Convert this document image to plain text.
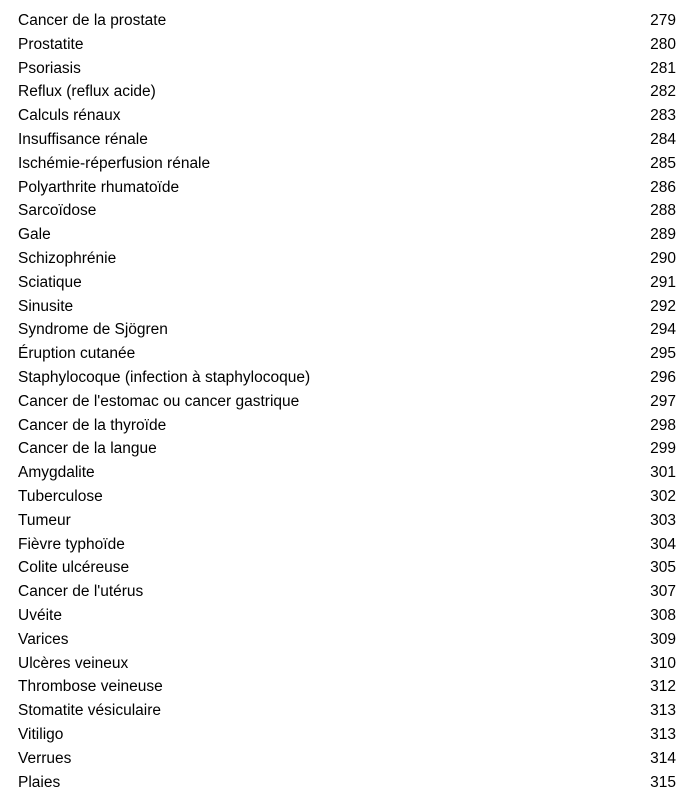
Cancer de la prostate	279
Prostatite	280
Psoriasis	281
Reflux (reflux acide)	282
Calculs rénaux	283
Insuffisance rénale	284
Ischémie-réperfusion rénale	285
Polyarthrite rhumatoïde	286
Sarcoïdose	288
Gale	289
Schizophrénie	290
Sciatique	291
Sinusite	292
Syndrome de Sjögren	294
Éruption cutanée	295
Staphylocoque (infection à staphylocoque)	296
Cancer de l'estomac ou cancer gastrique	297
Cancer de la thyroïde	298
Cancer de la langue	299
Amygdalite	301
Tuberculose	302
Tumeur	303
Fièvre typhoïde	304
Colite ulcéreuse	305
Cancer de l'utérus	307
Uvéite	308
Varices	309
Ulcères veineux	310
Thrombose veineuse	312
Stomatite vésiculaire	313
Vitiligo	313
Verrues	314
Plaies	315
